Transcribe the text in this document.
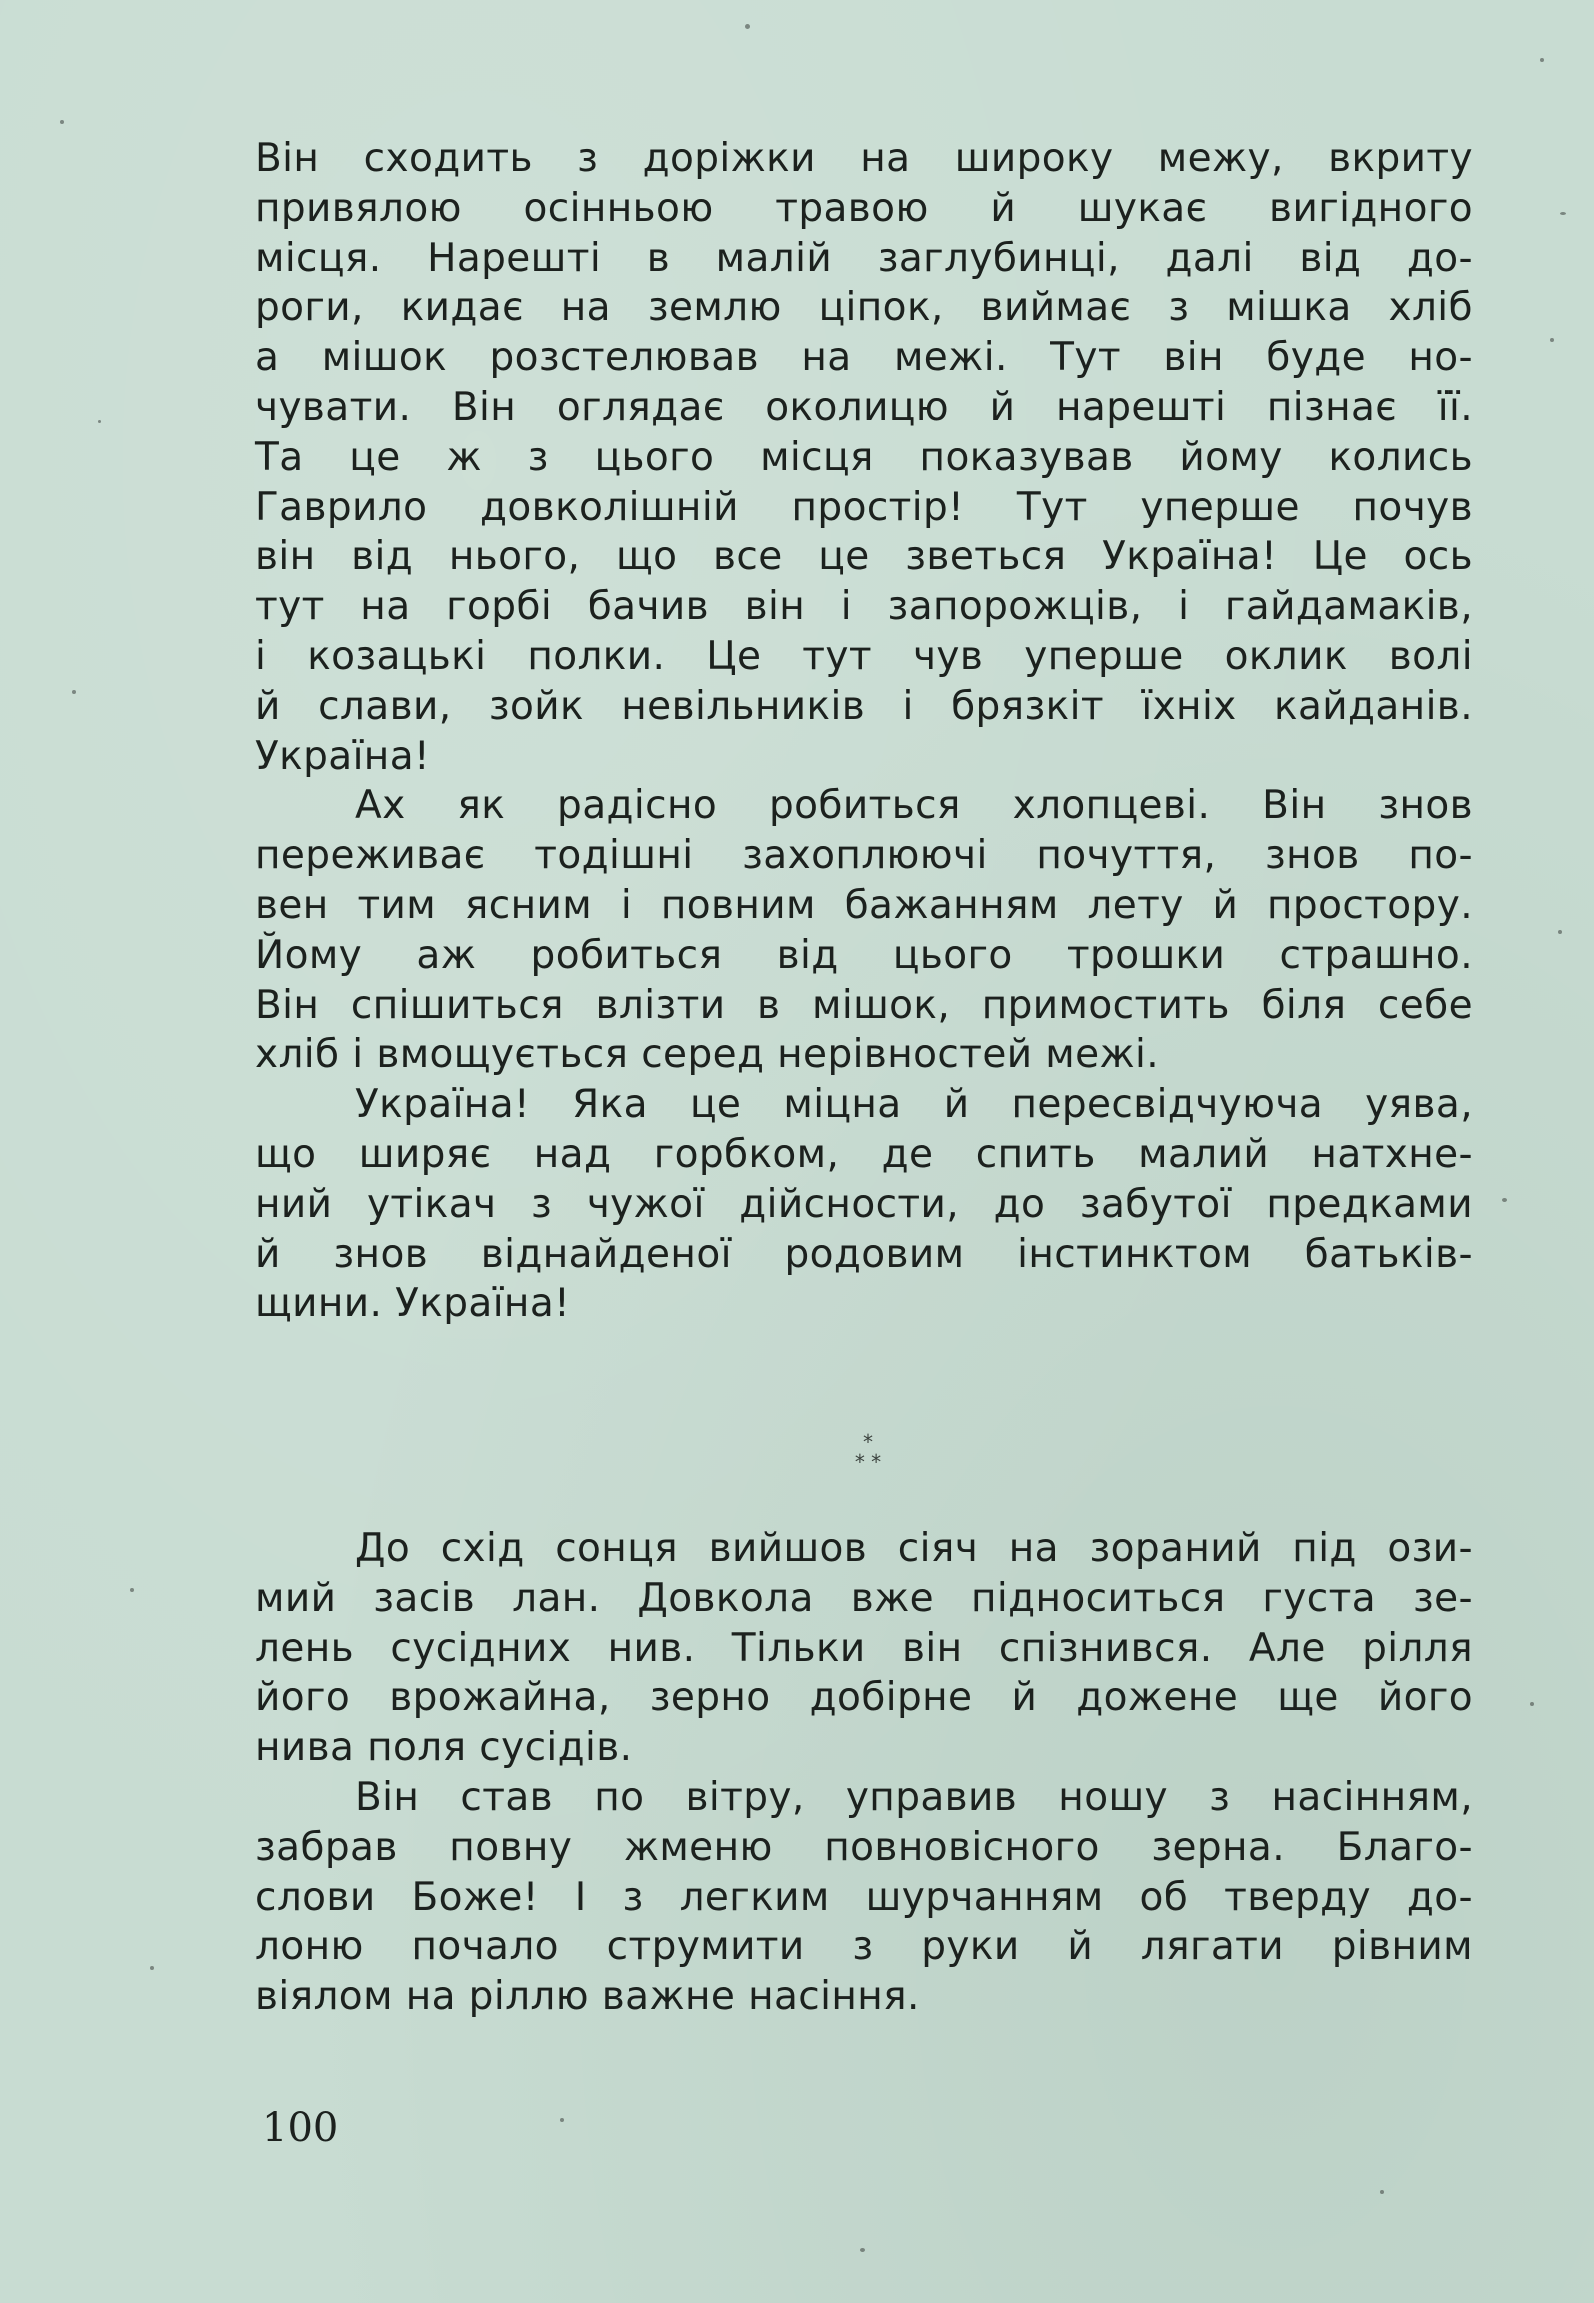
Він сходить з доріжки на широку межу, вкриту
привялою осінньою травою й шукає вигідного
місця. Нарешті в малій заглубинці, далі від до-
роги, кидає на землю ціпок, виймає з мішка хліб
а мішок розстелював на межі. Тут він буде но-
чувати. Він оглядає околицю й нарешті пізнає її.
Та це ж з цього місця показував йому колись
Гаврило довколішній простір! Тут уперше почув
він від нього, що все це зветься Україна! Це ось
тут на горбі бачив він і запорожців, і гайдамаків,
і козацькі полки. Це тут чув уперше оклик волі
й слави, зойк невільників і брязкіт їхніх кайданів.
Україна!
Ах як радісно робиться хлопцеві. Він знов
переживає тодішні захоплюючі почуття, знов по-
вен тим ясним і повним бажанням лету й простору.
Йому аж робиться від цього трошки страшно.
Він спішиться влізти в мішок, примостить біля себе
хліб і вмощується серед нерівностей межі.
Україна! Яка це міцна й пересвідчуюча уява,
що ширяє над горбком, де спить малий натхне-
ний утікач з чужої дійсности, до забутої предками
й знов віднайденої родовим інстинктом батьків-
щини. Україна!
*
* *
До схід сонця вийшов сіяч на зораний під ози-
мий засів лан. Довкола вже підноситься густа зе-
лень сусідних нив. Тільки він спізнився. Але рілля
його врожайна, зерно добірне й дожене ще його
нива поля сусідів.
Він став по вітру, управив ношу з насінням,
забрав повну жменю повновісного зерна. Благо-
слови Боже! І з легким шурчанням об тверду до-
лоню почало струмити з руки й лягати рівним
віялом на ріллю важне насіння.
100
